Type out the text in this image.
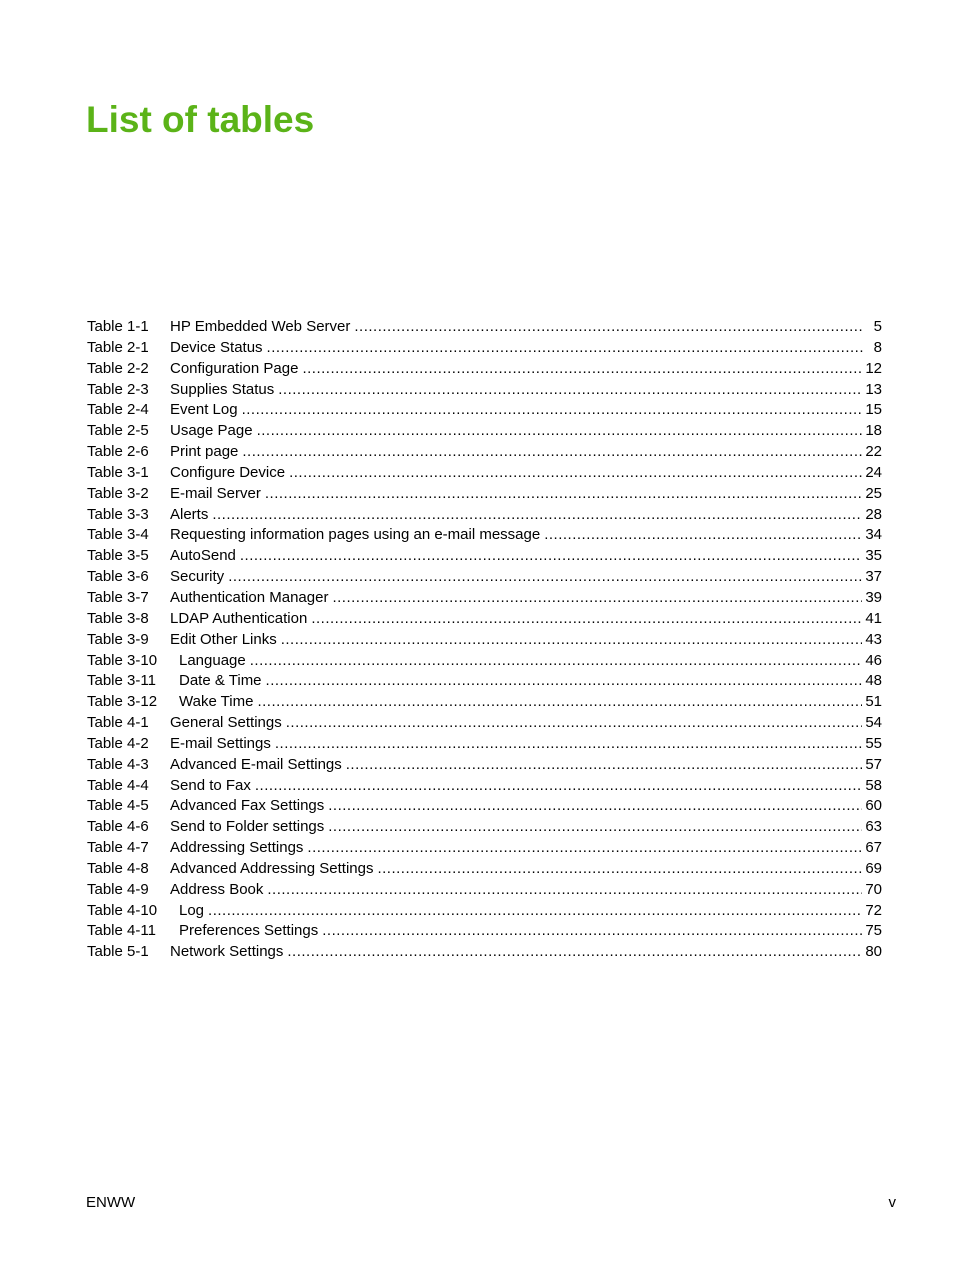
List of tables
Table 1-1	HP Embedded Web Server .....	5
Table 2-1	Device Status .....	8
Table 2-2	Configuration Page .....	12
Table 2-3	Supplies Status .....	13
Table 2-4	Event Log .....	15
Table 2-5	Usage Page .....	18
Table 2-6	Print page .....	22
Table 3-1	Configure Device .....	24
Table 3-2	E-mail Server .....	25
Table 3-3	Alerts .....	28
Table 3-4	Requesting information pages using an e-mail message .....	34
Table 3-5	AutoSend .....	35
Table 3-6	Security .....	37
Table 3-7	Authentication Manager .....	39
Table 3-8	LDAP Authentication .....	41
Table 3-9	Edit Other Links .....	43
Table 3-10	Language .....	46
Table 3-11	Date & Time .....	48
Table 3-12	Wake Time .....	51
Table 4-1	General Settings .....	54
Table 4-2	E-mail Settings .....	55
Table 4-3	Advanced E-mail Settings .....	57
Table 4-4	Send to Fax .....	58
Table 4-5	Advanced Fax Settings .....	60
Table 4-6	Send to Folder settings .....	63
Table 4-7	Addressing Settings .....	67
Table 4-8	Advanced Addressing Settings .....	69
Table 4-9	Address Book .....	70
Table 4-10	Log .....	72
Table 4-11	Preferences Settings .....	75
Table 5-1	Network Settings .....	80
ENWW	v
